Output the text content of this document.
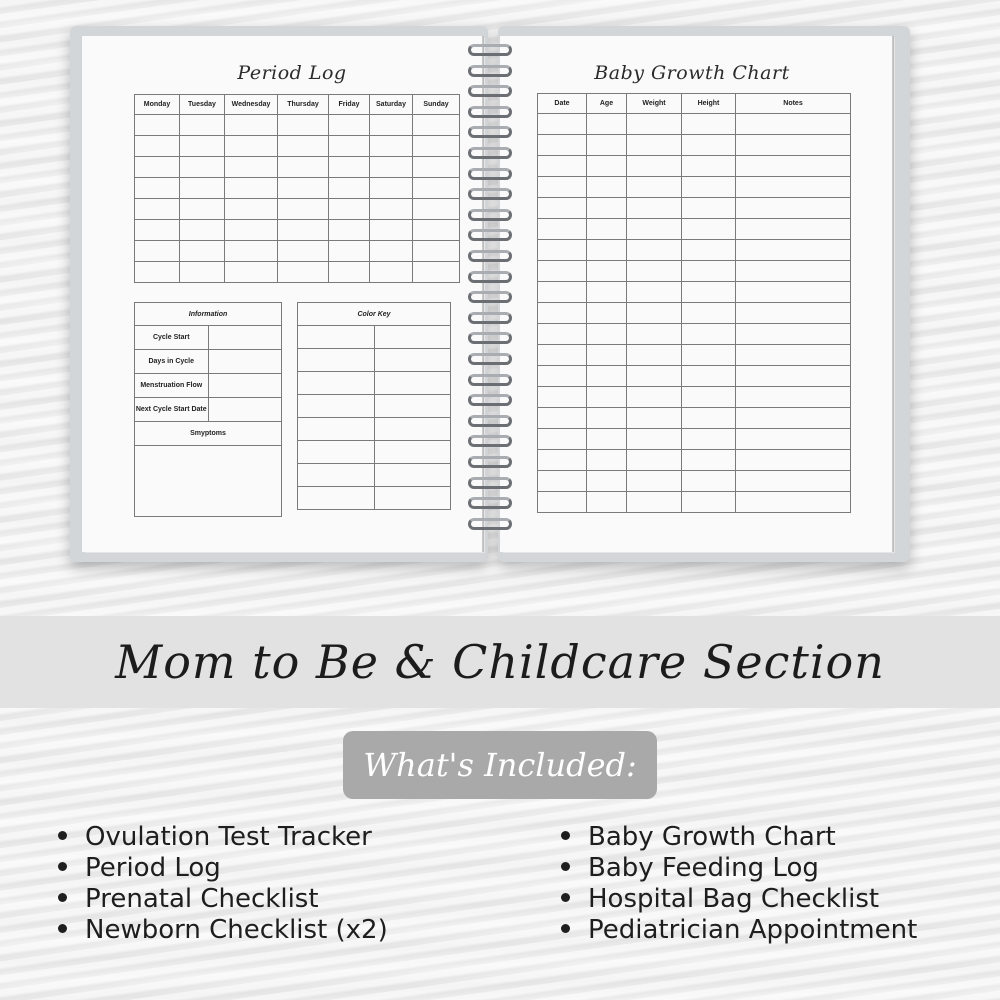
Period Log
Monday	Tuesday	Wednesday	Thursday	Friday	Saturday	Sunday

Information	
Cycle Start	
Days in Cycle	
Menstruation Flow	
Next Cycle Start Date	
Smyptoms	

Color Key	

Baby Growth Chart
Date	Age	Weight	Height	Notes

Mom to Be & Childcare Section
What's Included:
Ovulation Test Tracker
Period Log
Prenatal Checklist
Newborn Checklist (x2)
Baby Growth Chart
Baby Feeding Log
Hospital Bag Checklist
Pediatrician Appointment
